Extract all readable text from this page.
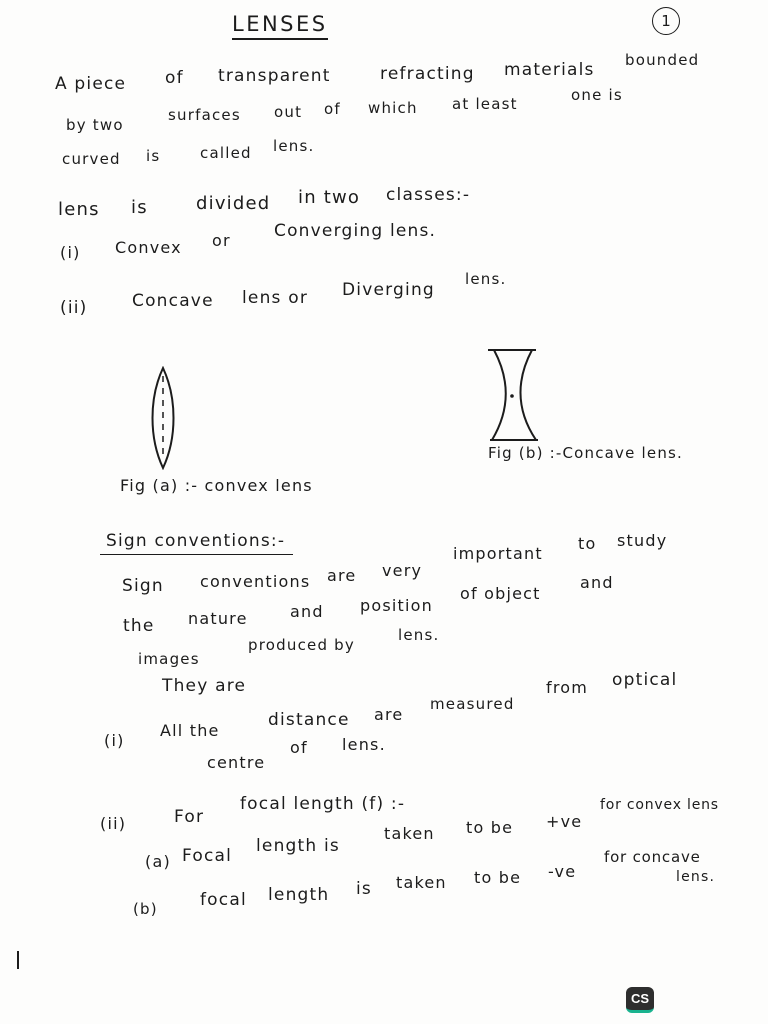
1
LENSES
A piece of transparent	refracting materials bounded
by two
surfaces out of which at least	one is
curved is	called lens.
lens is	divided in two classes:-
(i) Convex or	Converging lens.
(ii)	Concave lens or Diverging
lens.
Fig (a) :- convex lens
Fig (b) :-Concave lens.
Sign conventions:-
Sign conventions are very
important
to study
the nature	and position
of object
and
images
produced by
lens.
They are
(i)
All the
distance are
measured
from optical
centre
of lens.
(ii)	For
focal length (f) :-
(a) Focal length is
taken to be +ve
for convex lens
(b) focal length is taken to be -ve
for concave
lens.
CS
